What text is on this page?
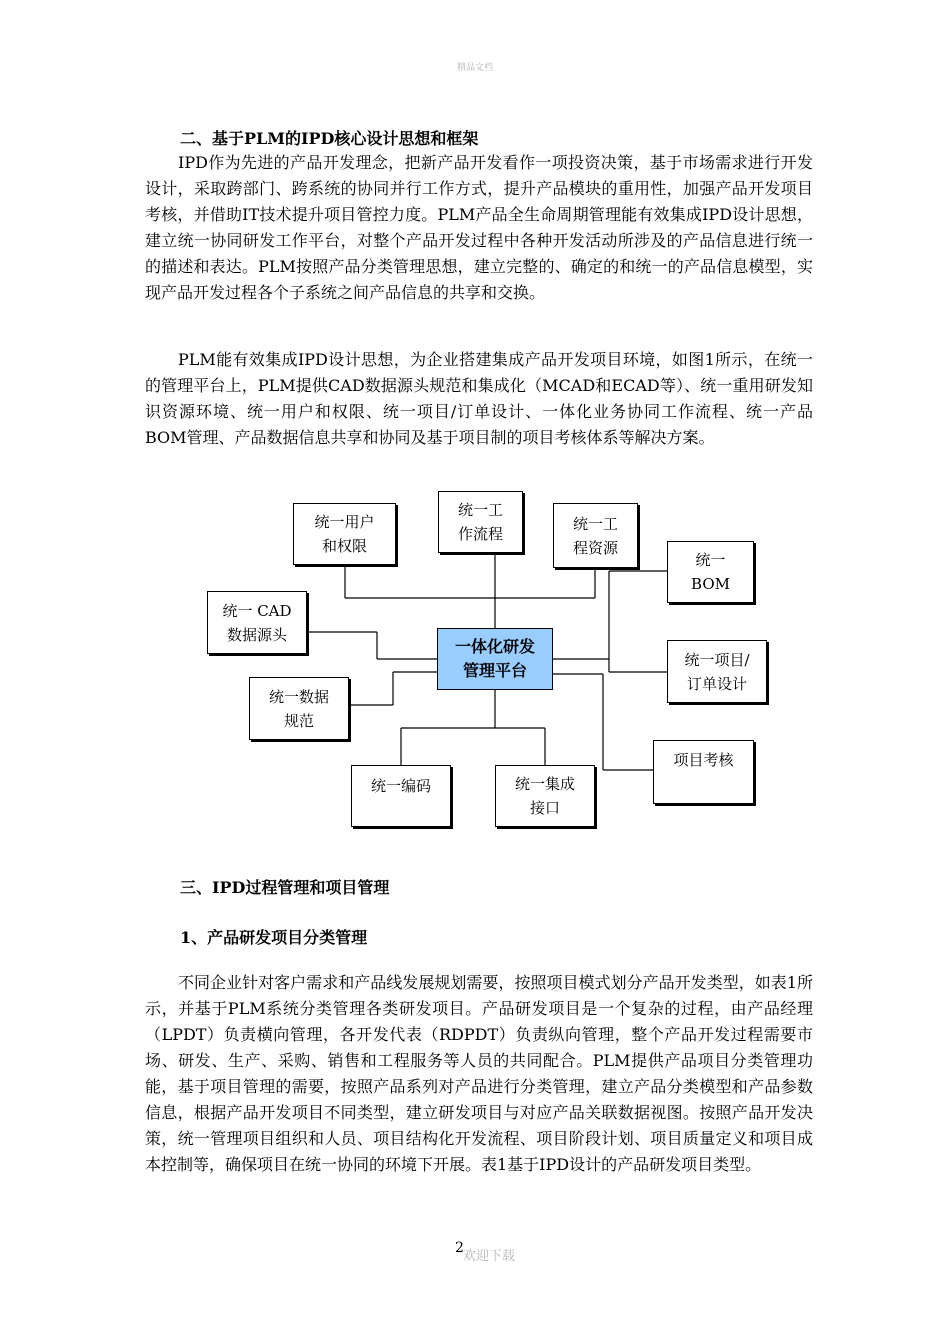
精品文档
二、基于PLM的IPD核心设计思想和框架
IPD作为先进的产品开发理念，把新产品开发看作一项投资决策，基于市场需求进行开发设计，采取跨部门、跨系统的协同并行工作方式，提升产品模块的重用性，加强产品开发项目考核，并借助IT技术提升项目管控力度。PLM产品全生命周期管理能有效集成IPD设计思想，建立统一协同研发工作平台，对整个产品开发过程中各种开发活动所涉及的产品信息进行统一的描述和表达。PLM按照产品分类管理思想，建立完整的、确定的和统一的产品信息模型，实现产品开发过程各个子系统之间产品信息的共享和交换。
PLM能有效集成IPD设计思想，为企业搭建集成产品开发项目环境，如图1所示，在统一的管理平台上，PLM提供CAD数据源头规范和集成化（MCAD和ECAD等）、统一重用研发知识资源环境、统一用户和权限、统一项目/订单设计、一体化业务协同工作流程、统一产品BOM管理、产品数据信息共享和协同及基于项目制的项目考核体系等解决方案。
统一用户
和权限
统一工
作流程
统一工
程资源
统一
BOM
统一 CAD
数据源头
一体化研发
管理平台
统一项目/
订单设计
统一数据
规范
项目考核
统一编码	统一集成
接口
三、IPD过程管理和项目管理
1、产品研发项目分类管理
不同企业针对客户需求和产品线发展规划需要，按照项目模式划分产品开发类型，如表1所示，并基于PLM系统分类管理各类研发项目。产品研发项目是一个复杂的过程，由产品经理（LPDT）负责横向管理，各开发代表（RDPDT）负责纵向管理，整个产品开发过程需要市场、研发、生产、采购、销售和工程服务等人员的共同配合。PLM提供产品项目分类管理功能，基于项目管理的需要，按照产品系列对产品进行分类管理，建立产品分类模型和产品参数信息，根据产品开发项目不同类型，建立研发项目与对应产品关联数据视图。按照产品开发决策，统一管理项目组织和人员、项目结构化开发流程、项目阶段计划、项目质量定义和项目成本控制等，确保项目在统一协同的环境下开展。表1基于IPD设计的产品研发项目类型。
2
欢迎下载
